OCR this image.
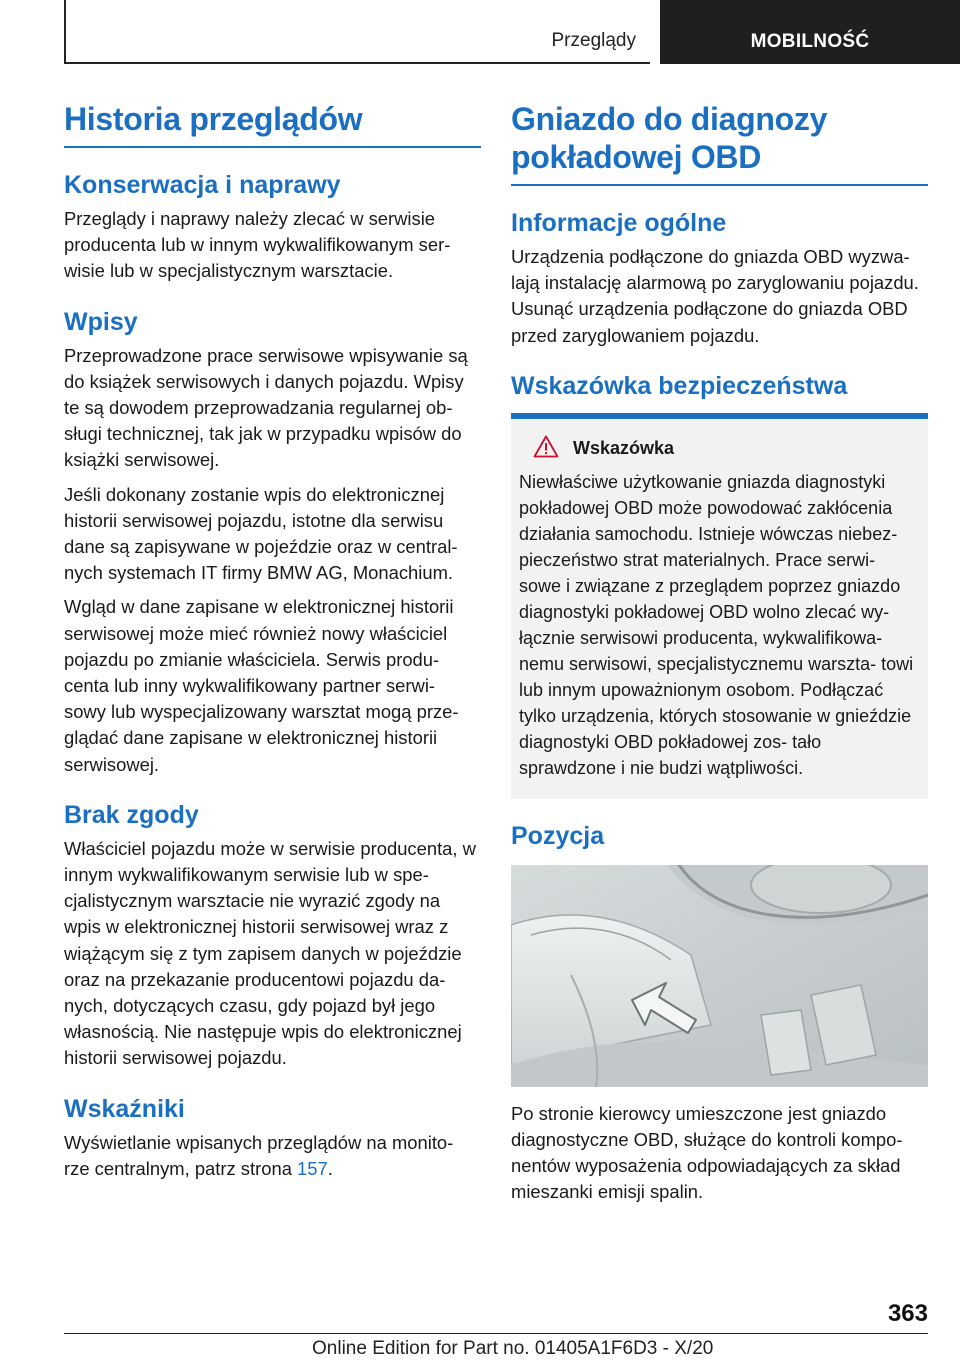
Przeglądy	MOBILNOŚĆ
Historia przeglądów
Konserwacja i naprawy

Przeglądy i naprawy należy zlecać w serwisie producenta lub w innym wykwalifikowanym ser‐ wisie lub w specjalistycznym warsztacie.

Wpisy

Przeprowadzone prace serwisowe wpisywanie są do książek serwisowych i danych pojazdu. Wpisy te są dowodem przeprowadzania regularnej ob‐ sługi technicznej, tak jak w przypadku wpisów do książki serwisowej.

Jeśli dokonany zostanie wpis do elektronicznej historii serwisowej pojazdu, istotne dla serwisu dane są zapisywane w pojeździe oraz w central‐ nych systemach IT firmy BMW AG, Monachium.

Wgląd w dane zapisane w elektronicznej historii serwisowej może mieć również nowy właściciel pojazdu po zmianie właściciela. Serwis produ‐ centa lub inny wykwalifikowany partner serwi‐ sowy lub wyspecjalizowany warsztat mogą prze‐ glądać dane zapisane w elektronicznej historii serwisowej.

Brak zgody

Właściciel pojazdu może w serwisie producenta, w innym wykwalifikowanym serwisie lub w spe‐ cjalistycznym warsztacie nie wyrazić zgody na wpis w elektronicznej historii serwisowej wraz z wiążącym się z tym zapisem danych w pojeździe oraz na przekazanie producentowi pojazdu da‐ nych, dotyczących czasu, gdy pojazd był jego własnością. Nie następuje wpis do elektronicznej historii serwisowej pojazdu.

Wskaźniki

Wyświetlanie wpisanych przeglądów na monito‐ rze centralnym, patrz strona 157.

Gniazdo do diagnozy pokładowej OBD
Informacje ogólne

Urządzenia podłączone do gniazda OBD wyzwa‐ lają instalację alarmową po zaryglowaniu pojazdu. Usunąć urządzenia podłączone do gniazda OBD przed zaryglowaniem pojazdu.

Wskazówka bezpieczeństwa
Wskazówka

Niewłaściwe użytkowanie gniazda diagnostyki pokładowej OBD może powodować zakłócenia działania samochodu. Istnieje wówczas niebez‐ pieczeństwo strat materialnych. Prace serwi‐ sowe i związane z przeglądem poprzez gniazdo diagnostyki pokładowej OBD wolno zlecać wy‐ łącznie serwisowi producenta, wykwalifikowa‐ nemu serwisowi, specjalistycznemu warszta‐ towi lub innym upoważnionym osobom. Podłączać tylko urządzenia, których stosowanie w gnieździe diagnostyki OBD pokładowej zos‐ tało sprawdzone i nie budzi wątpliwości.

Pozycja

Po stronie kierowcy umieszczone jest gniazdo diagnostyczne OBD, służące do kontroli kompo‐ nentów wyposażenia odpowiadających za skład mieszanki emisji spalin.

363
Online Edition for Part no. 01405A1F6D3 - X/20
